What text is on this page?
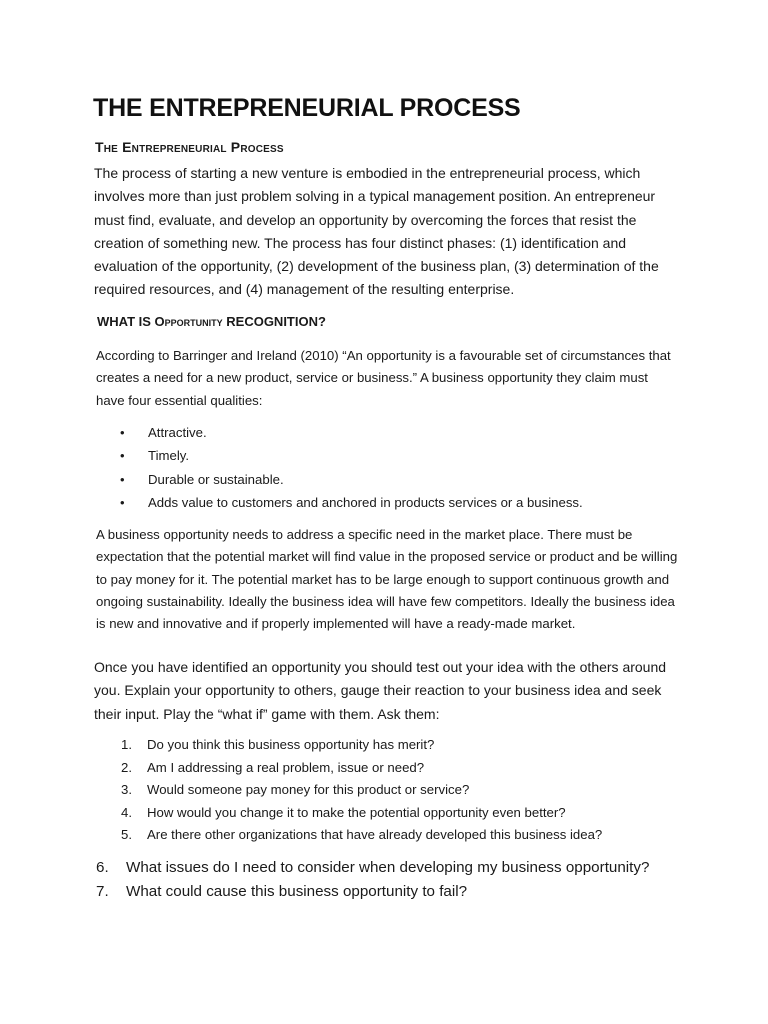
THE ENTREPRENEURIAL PROCESS
The Entrepreneurial Process

The process of starting a new venture is embodied in the entrepreneurial process, which involves more than just problem solving in a typical management position. An entrepreneur must find, evaluate, and develop an opportunity by overcoming the forces that resist the creation of something new. The process has four distinct phases: (1) identification and evaluation of the opportunity, (2) development of the business plan, (3) determination of the required resources, and (4) management of the resulting enterprise.

WHAT IS Opportunity RECOGNITION?

According to Barringer and Ireland (2010) “An opportunity is a favourable set of circumstances that creates a need for a new product, service or business.” A business opportunity they claim must have four essential qualities:

• Attractive.
• Timely.
• Durable or sustainable.
• Adds value to customers and anchored in products services or a business.

A business opportunity needs to address a specific need in the market place. There must be expectation that the potential market will find value in the proposed service or product and be willing to pay money for it. The potential market has to be large enough to support continuous growth and ongoing sustainability. Ideally the business idea will have few competitors. Ideally the business idea is new and innovative and if properly implemented will have a ready-made market.

Once you have identified an opportunity you should test out your idea with the others around you. Explain your opportunity to others, gauge their reaction to your business idea and seek their input. Play the “what if” game with them. Ask them:

1. Do you think this business opportunity has merit?
2. Am I addressing a real problem, issue or need?
3. Would someone pay money for this product or service?
4. How would you change it to make the potential opportunity even better?
5. Are there other organizations that have already developed this business idea?
6. What issues do I need to consider when developing my business opportunity?
7. What could cause this business opportunity to fail?
